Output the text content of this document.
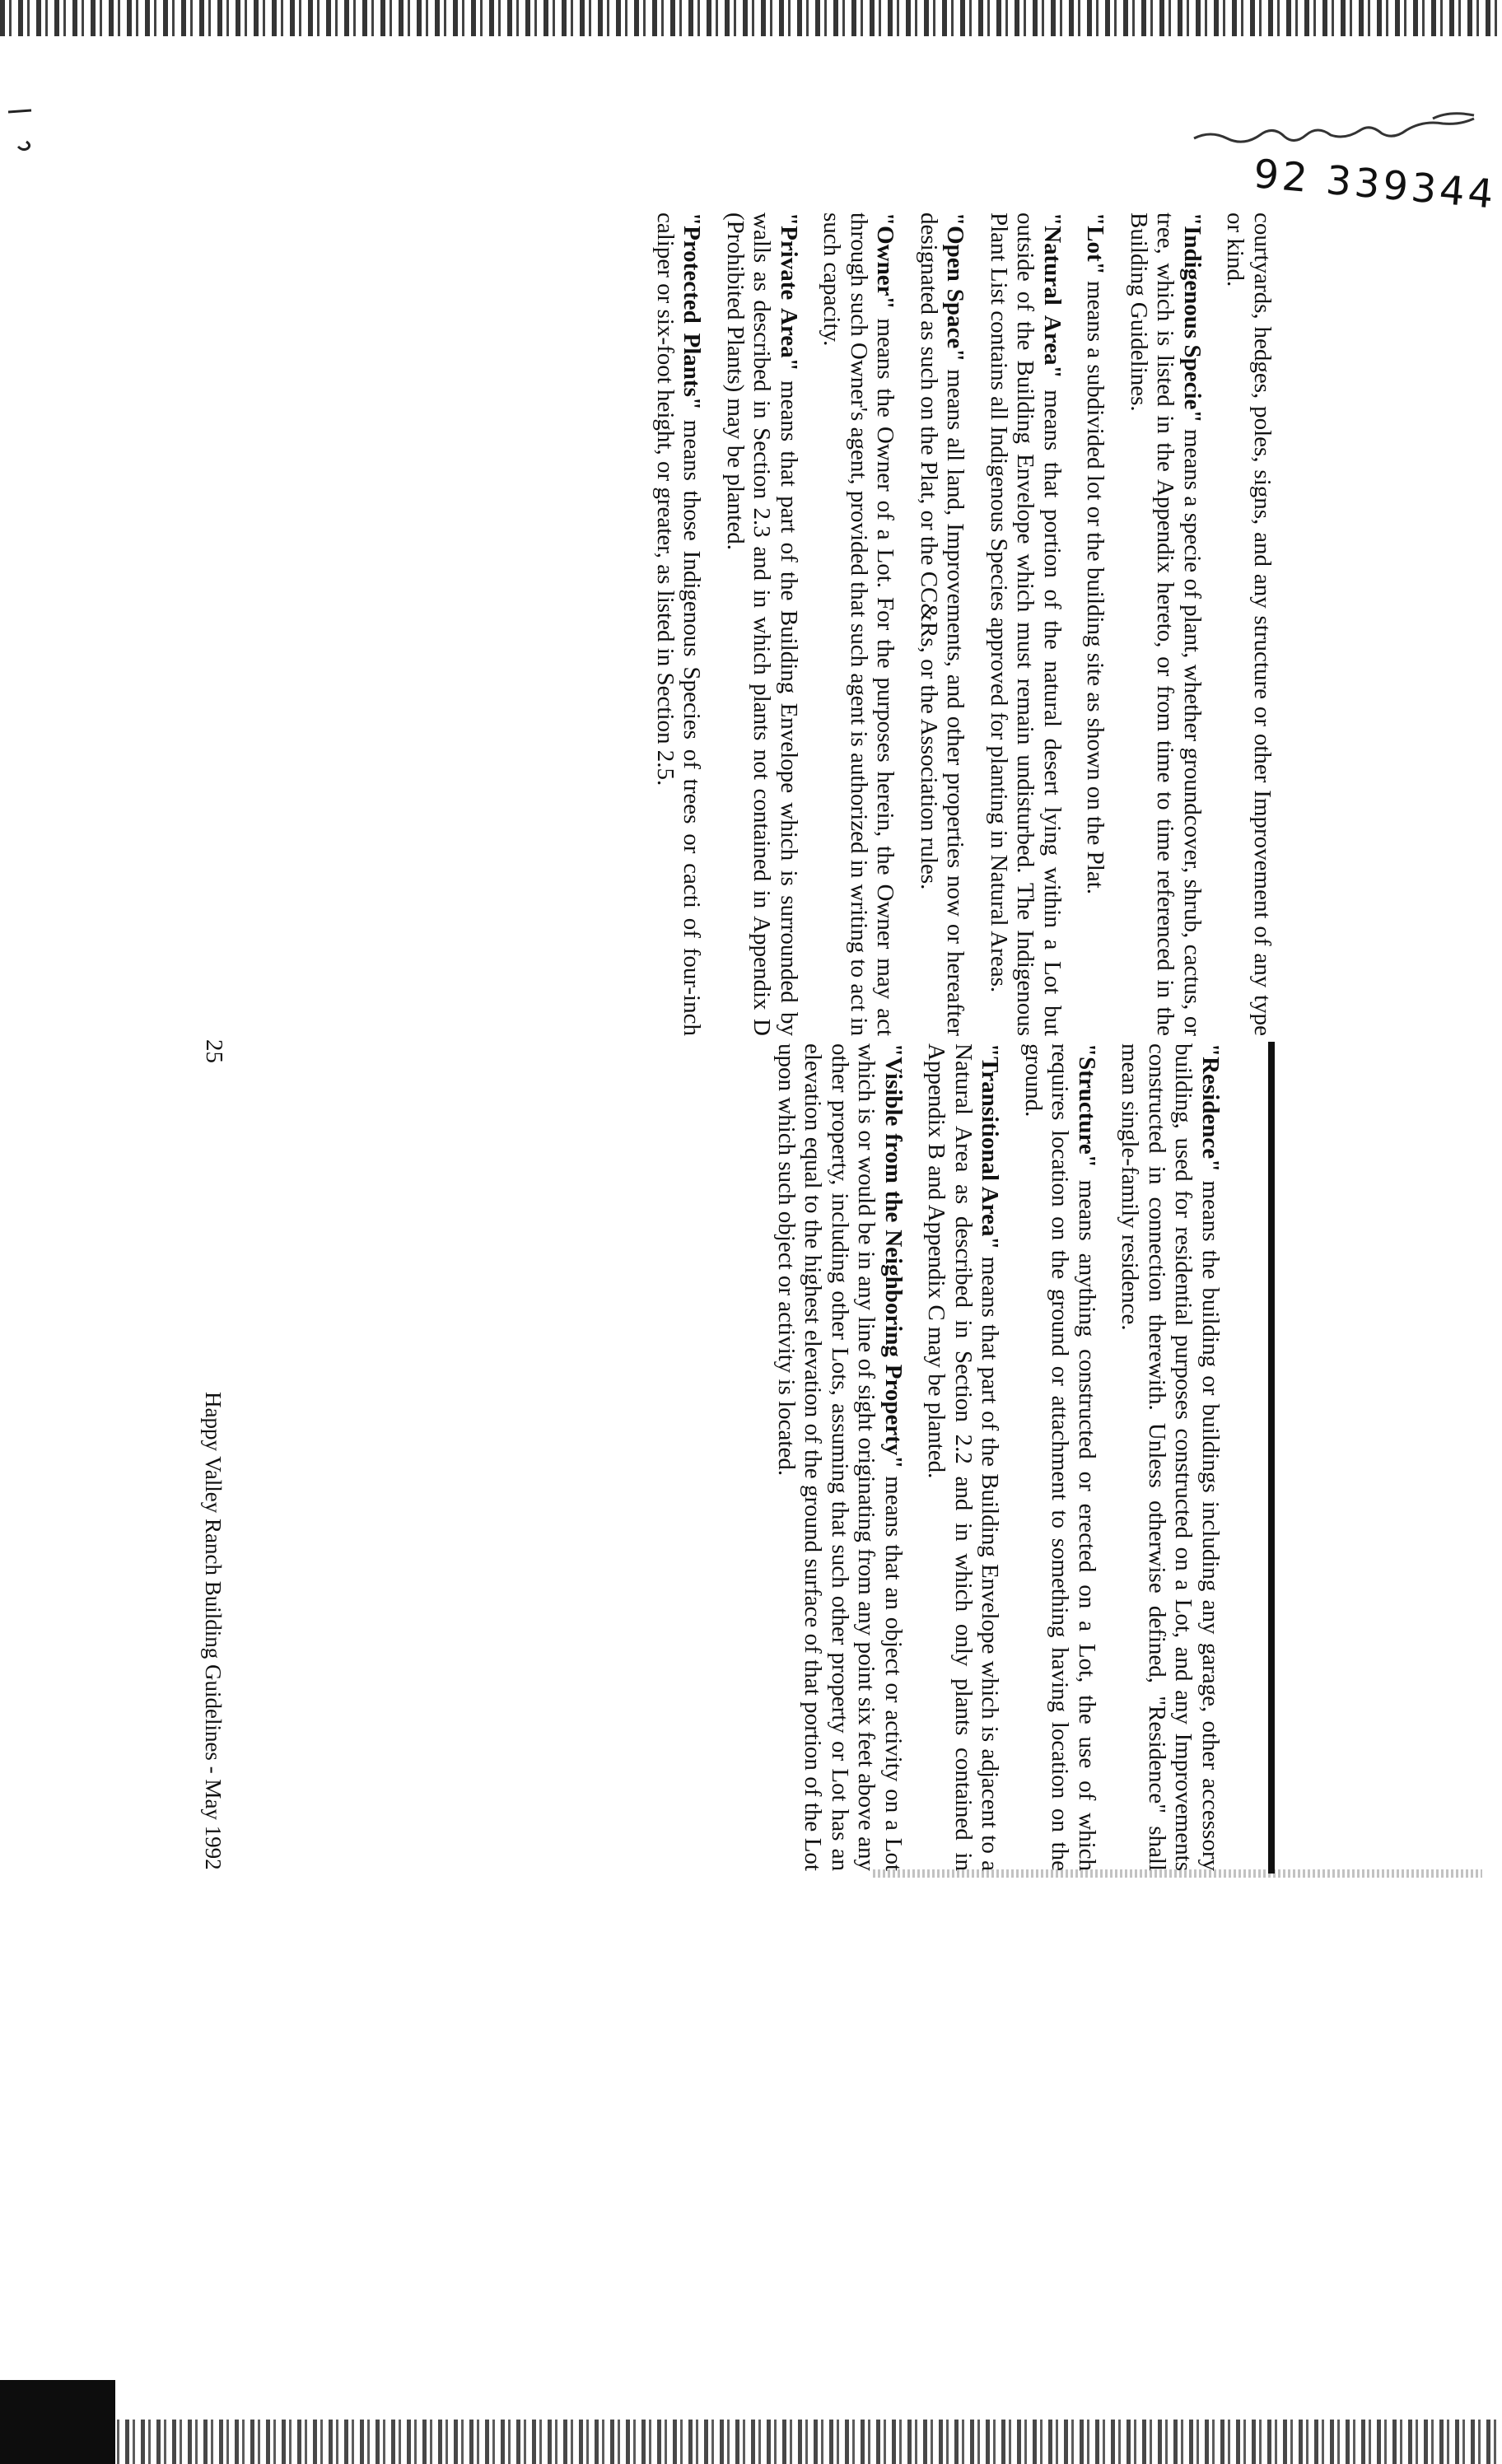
92 339344

courtyards, hedges, poles, signs, and any structure or other Improvement of any type or kind.

"Indigenous Specie" means a specie of plant, whether groundcover, shrub, cactus, or tree, which is listed in the Appendix hereto, or from time to time referenced in the Building Guidelines.

"Lot" means a subdivided lot or the building site as shown on the Plat.

"Natural Area" means that portion of the natural desert lying within a Lot but outside of the Building Envelope which must remain undisturbed. The Indigenous Plant List contains all Indigenous Species approved for planting in Natural Areas.

"Open Space" means all land, Improvements, and other properties now or hereafter designated as such on the Plat, or the CC&Rs, or the Association rules.

"Owner" means the Owner of a Lot. For the purposes herein, the Owner may act through such Owner's agent, provided that such agent is authorized in writing to act in such capacity.

"Private Area" means that part of the Building Envelope which is surrounded by walls as described in Section 2.3 and in which plants not contained in Appendix D (Prohibited Plants) may be planted.

"Protected Plants" means those Indigenous Species of trees or cacti of four-inch caliper or six-foot height, or greater, as listed in Section 2.5.

"Residence" means the building or buildings including any garage, other accessory building, used for residential purposes constructed on a Lot, and any Improvements constructed in connection therewith. Unless otherwise defined, "Residence" shall mean single-family residence.

"Structure" means anything constructed or erected on a Lot, the use of which requires location on the ground or attachment to something having location on the ground.

"Transitional Area" means that part of the Building Envelope which is adjacent to a Natural Area as described in Section 2.2 and in which only plants contained in Appendix B and Appendix C may be planted.

"Visible from the Neighboring Property" means that an object or activity on a Lot which is or would be in any line of sight originating from any point six feet above any other property, including other Lots, assuming that such other property or Lot has an elevation equal to the highest elevation of the ground surface of that portion of the Lot upon which such object or activity is located.

25

Happy Valley Ranch Building Guidelines - May 1992
